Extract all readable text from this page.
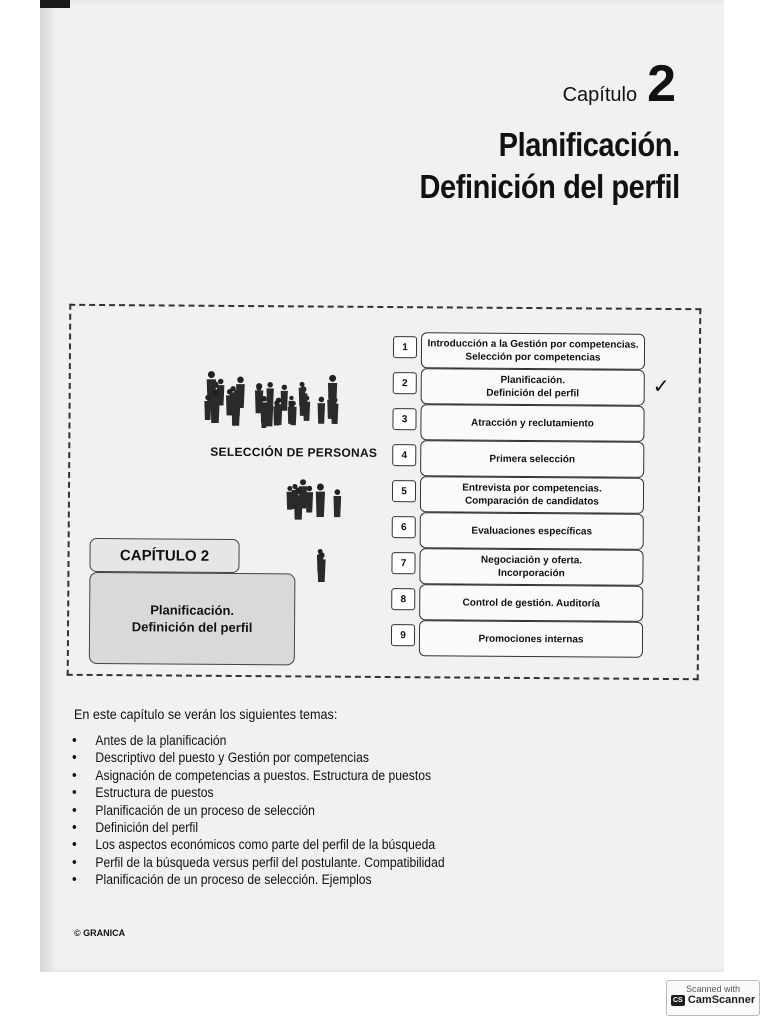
Capítulo 2
Planificación.
Definición del perfil
SELECCIÓN DE PERSONAS
CAPÍTULO 2
Planificación.
Definición del perfil
1	Introducción a la Gestión por competencias.
Selección por competencias
2	Planificación.
Definición del perfil	✓
3	Atracción y reclutamiento
4	Primera selección
5	Entrevista por competencias.
Comparación de candidatos
6	Evaluaciones específicas
7	Negociación y oferta.
Incorporación
8	Control de gestión. Auditoría
9	Promociones internas
En este capítulo se verán los siguientes temas:
• Antes de la planificación
• Descriptivo del puesto y Gestión por competencias
• Asignación de competencias a puestos. Estructura de puestos
• Estructura de puestos
• Planificación de un proceso de selección
• Definición del perfil
• Los aspectos económicos como parte del perfil de la búsqueda
• Perfil de la búsqueda versus perfil del postulante. Compatibilidad
• Planificación de un proceso de selección. Ejemplos
© GRANICA
Scanned with
CS CamScanner
